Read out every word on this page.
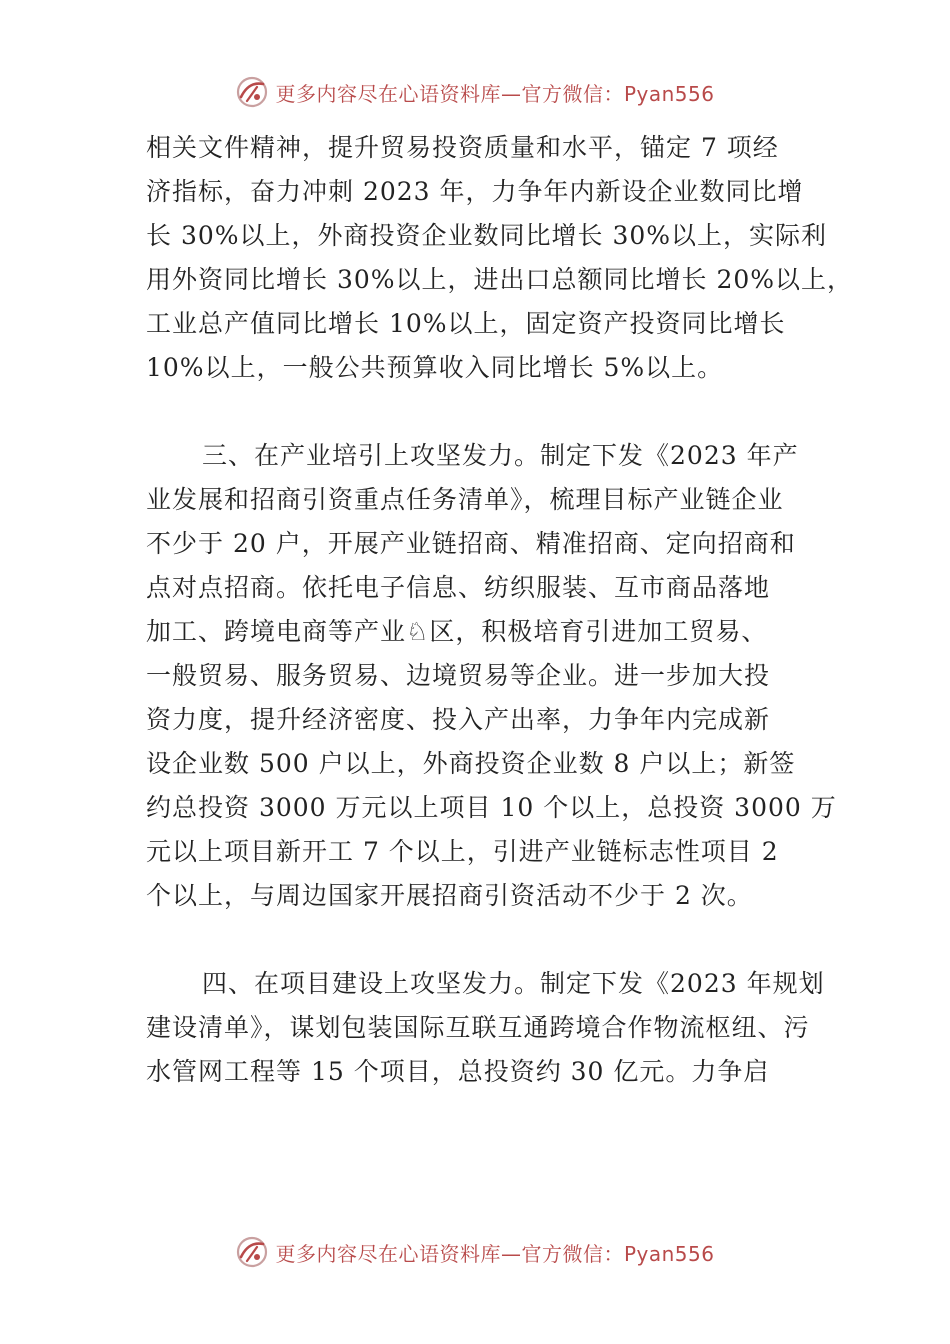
更多内容尽在心语资料库—官方微信：Pyan556
相关文件精神，提升贸易投资质量和水平，锚定 7 项经
济指标，奋力冲刺 2023 年，力争年内新设企业数同比增
长 30%以上，外商投资企业数同比增长 30%以上，实际利
用外资同比增长 30%以上，进出口总额同比增长 20%以上，
工业总产值同比增长 10%以上，固定资产投资同比增长
10%以上，一般公共预算收入同比增长 5%以上。
三、在产业培引上攻坚发力。制定下发《2023 年产
业发展和招商引资重点任务清单》，梳理目标产业链企业
不少于 20 户，开展产业链招商、精准招商、定向招商和
点对点招商。依托电子信息、纺织服装、互市商品落地
加工、跨境电商等产业♘区，积极培育引进加工贸易、
一般贸易、服务贸易、边境贸易等企业。进一步加大投
资力度，提升经济密度、投入产出率，力争年内完成新
设企业数 500 户以上，外商投资企业数 8 户以上；新签
约总投资 3000 万元以上项目 10 个以上，总投资 3000 万
元以上项目新开工 7 个以上，引进产业链标志性项目 2
个以上，与周边国家开展招商引资活动不少于 2 次。
四、在项目建设上攻坚发力。制定下发《2023 年规划
建设清单》，谋划包装国际互联互通跨境合作物流枢纽、污
水管网工程等 15 个项目，总投资约 30 亿元。力争启
更多内容尽在心语资料库—官方微信：Pyan556
